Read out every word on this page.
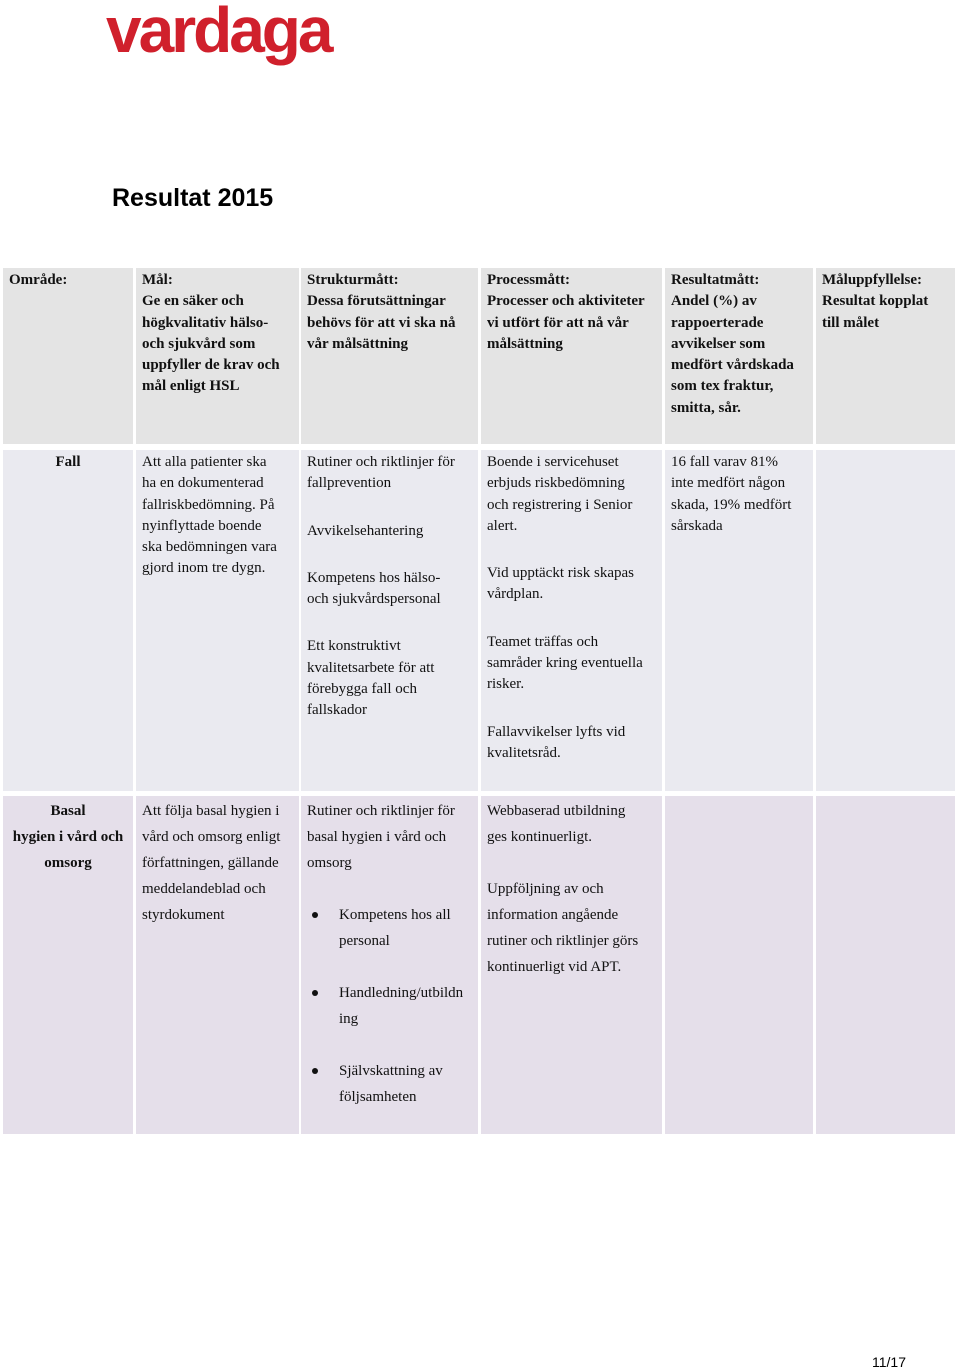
vardaga
Resultat 2015
Område:	Mål:
Ge en säker och
högkvalitativ hälso-
och sjukvård som
uppfyller de krav och
mål enligt HSL
Strukturmått:
Dessa förutsättningar
behövs för att vi ska nå
vår målsättning
Processmått:
Processer och aktiviteter
vi utfört för att nå vår
målsättning
Resultatmått:
Andel (%) av
rappoerterade
avvikelser som
medfört vårdskada
som tex fraktur,
smitta, sår.
Måluppfyllelse:
Resultat kopplat
till målet
Fall	Att alla patienter ska
ha en dokumenterad
fallriskbedömning. På
nyinflyttade boende
ska bedömningen vara
gjord inom tre dygn.
Rutiner och riktlinjer för
fallprevention
Avvikelsehantering
Kompetens hos hälso-
och sjukvårdspersonal
Ett konstruktivt
kvalitetsarbete för att
förebygga fall och
fallskador
Boende i servicehuset
erbjuds riskbedömning
och registrering i Senior
alert.
Vid upptäckt risk skapas
vårdplan.
Teamet träffas och
samråder kring eventuella
risker.
Fallavvikelser lyfts vid
kvalitetsråd.
16 fall varav 81%
inte medfört någon
skada, 19% medfört
sårskada
Basal
hygien i vård och
omsorg
Att följa basal hygien i
vård och omsorg enligt
författningen, gällande
meddelandeblad och
styrdokument
Rutiner och riktlinjer för
basal hygien i vård och
omsorg
Kompetens hos all
personal
Handledning/utbildn
ing
Självskattning av
följsamheten
Webbaserad utbildning
ges kontinuerligt.
Uppföljning av och
information angående
rutiner och riktlinjer görs
kontinuerligt vid APT.
11/17
